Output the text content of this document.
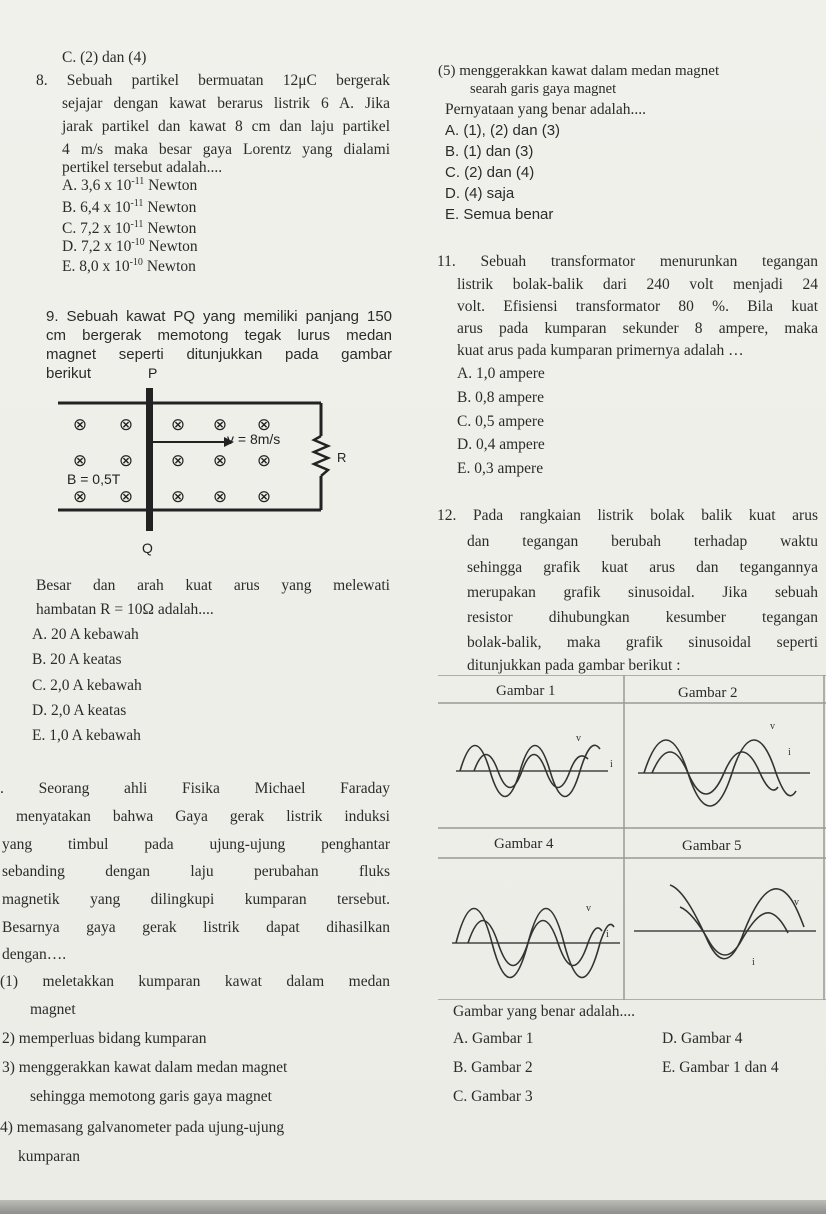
C. (2) dan (4)
8. Sebuah partikel bermuatan 12μC bergerak
sejajar dengan kawat berarus listrik 6 A. Jika
jarak partikel dan kawat 8 cm dan laju partikel
4 m/s maka besar gaya Lorentz yang dialami
pertikel tersebut adalah....
A. 3,6 x $10^{-11}$ Newton
B. 6,4 x $10^{-11}$ Newton
C. 7,2 x $10^{-11}$ Newton
D. 7,2 x $10^{-10}$ Newton
E. 8,0 x $10^{-10}$ Newton
9. Sebuah kawat PQ yang memiliki panjang 150
cm bergerak memotong tegak lurus medan
magnet seperti ditunjukkan pada gambar
berikut
⊗ ⊗ ⊗ ⊗ ⊗
⊗ ⊗ ⊗ ⊗ ⊗
⊗ ⊗ ⊗ ⊗ ⊗
P
Q
v = 8m/s
B = 0,5T
R
Besar dan arah kuat arus yang melewati
hambatan R = 10Ω adalah....
A. 20 A kebawah
B. 20 A keatas
C. 2,0 A kebawah
D. 2,0 A keatas
E. 1,0 A kebawah
. Seorang ahli Fisika Michael Faraday
menyatakan bahwa Gaya gerak listrik induksi
yang timbul pada ujung-ujung penghantar
sebanding dengan laju perubahan fluks
magnetik yang dilingkupi kumparan tersebut.
Besarnya gaya gerak listrik dapat dihasilkan
dengan….
(1) meletakkan kumparan kawat dalam medan
magnet
2) memperluas bidang kumparan
3) menggerakkan kawat dalam medan magnet
sehingga memotong garis gaya magnet
4) memasang galvanometer pada ujung-ujung
kumparan
(5) menggerakkan kawat dalam medan magnet
searah garis gaya magnet
Pernyataan yang benar adalah....
A. (1), (2) dan (3)
B. (1) dan (3)
C. (2) dan (4)
D. (4) saja
E. Semua benar
11. Sebuah transformator menurunkan tegangan
listrik bolak-balik dari 240 volt menjadi 24
volt. Efisiensi transformator 80 %. Bila kuat
arus pada kumparan sekunder 8 ampere, maka
kuat arus pada kumparan primernya adalah …
A. 1,0 ampere
B. 0,8 ampere
C. 0,5 ampere
D. 0,4 ampere
E. 0,3 ampere
12. Pada rangkaian listrik bolak balik kuat arus
dan tegangan berubah terhadap waktu
sehingga grafik kuat arus dan tegangannya
merupakan grafik sinusoidal. Jika sebuah
resistor dihubungkan kesumber tegangan
bolak-balik, maka grafik sinusoidal seperti
ditunjukkan pada gambar berikut :
Gambar 1	Gambar 2
Gambar 4	Gambar 5
v
i
v
i
v
i
v
i
Gambar yang benar adalah....
A. Gambar 1	D. Gambar 4
B. Gambar 2	E. Gambar 1 dan 4
C. Gambar 3
